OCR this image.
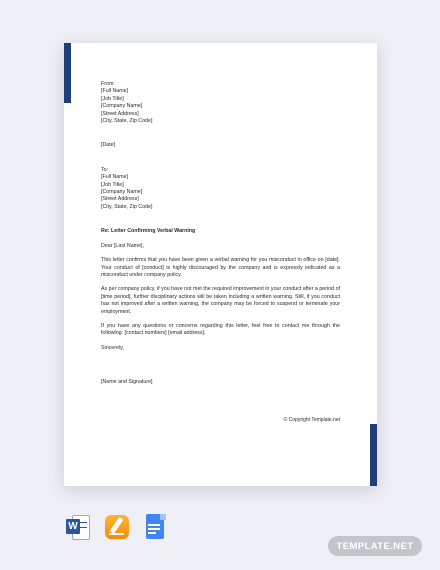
From:
[Full Name]
[Job Title]
[Company Name]
[Street Address]
[City, State, Zip Code]
[Date]
To:
[Full Name]
[Job Title]
[Company Name]
[Street Address]
[City, State, Zip Code]
Re: Letter Confirming Verbal Warning
Dear [Last Name],
This letter confirms that you have been given a verbal warning for you misconduct in office on [date]. Your conduct of [conduct] is highly discouraged by the company and is expressly indicated as a misconduct under company policy.
As per company policy, if you have not met the required improvement in your conduct after a period of [time period], further disciplinary actions will be taken including a written warning. Still, if you conduct has not improved after a written warning, the company may be forced to suspend or terminate your employment.
If you have any questions or concerns regarding this letter, feel free to contact me through the following: [contact numbers] [email address].
Sincerely,
[Name and Signature]
© Copyright Template.net
W
TEMPLATE.NET
